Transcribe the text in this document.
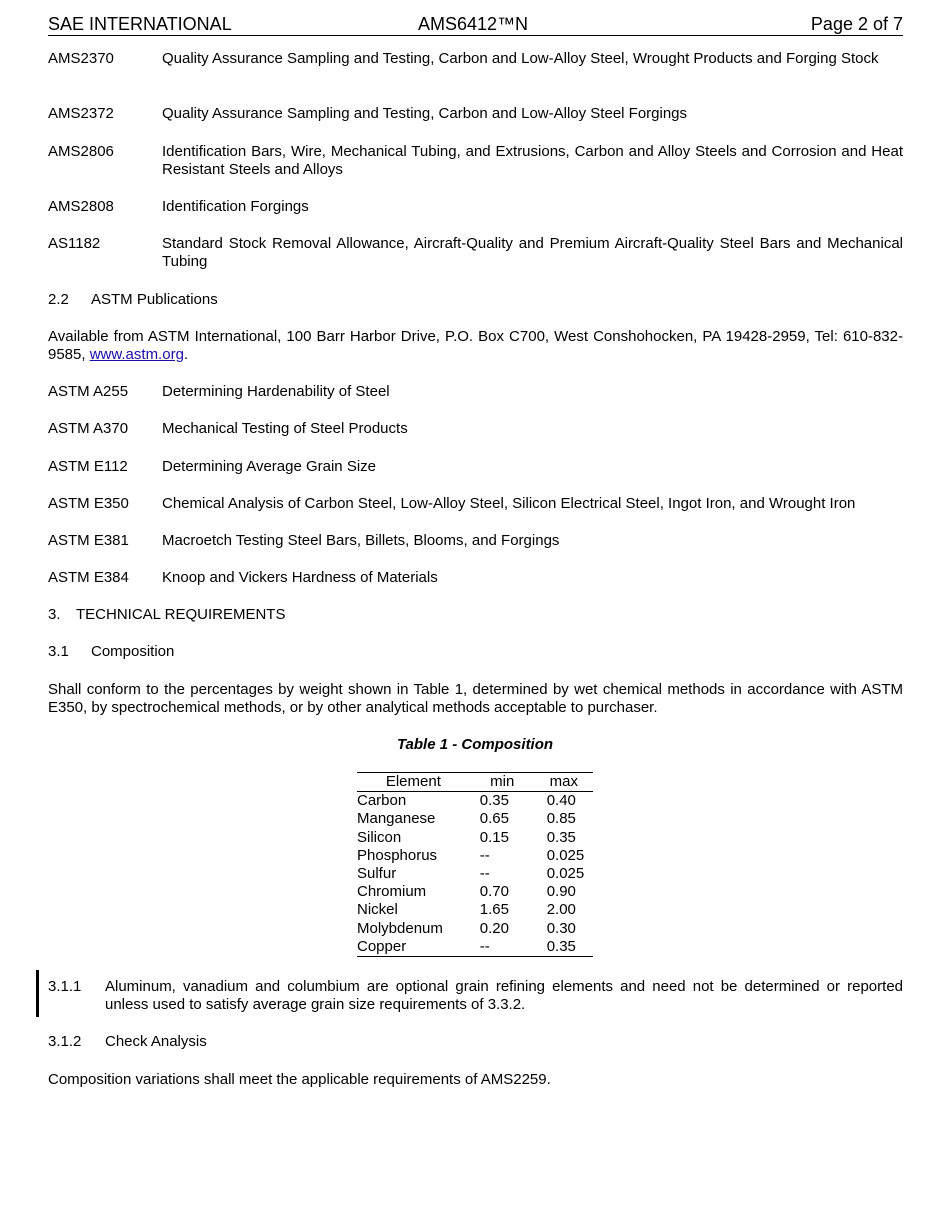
SAE INTERNATIONAL	AMS6412™N	Page 2 of 7
AMS2370	Quality Assurance Sampling and Testing, Carbon and Low-Alloy Steel, Wrought Products and Forging Stock
AMS2372	Quality Assurance Sampling and Testing, Carbon and Low-Alloy Steel Forgings
AMS2806	Identification Bars, Wire, Mechanical Tubing, and Extrusions, Carbon and Alloy Steels and Corrosion and Heat Resistant Steels and Alloys
AMS2808	Identification Forgings
AS1182	Standard Stock Removal Allowance, Aircraft-Quality and Premium Aircraft-Quality Steel Bars and Mechanical Tubing
2.2 ASTM Publications
Available from ASTM International, 100 Barr Harbor Drive, P.O. Box C700, West Conshohocken, PA 19428-2959, Tel: 610-832-9585, www.astm.org.
ASTM A255	Determining Hardenability of Steel
ASTM A370	Mechanical Testing of Steel Products
ASTM E112	Determining Average Grain Size
ASTM E350	Chemical Analysis of Carbon Steel, Low-Alloy Steel, Silicon Electrical Steel, Ingot Iron, and Wrought Iron
ASTM E381	Macroetch Testing Steel Bars, Billets, Blooms, and Forgings
ASTM E384	Knoop and Vickers Hardness of Materials
3. TECHNICAL REQUIREMENTS
3.1 Composition
Shall conform to the percentages by weight shown in Table 1, determined by wet chemical methods in accordance with ASTM E350, by spectrochemical methods, or by other analytical methods acceptable to purchaser.
Table 1 - Composition
Element	min	max
Carbon	0.35	0.40
Manganese	0.65	0.85
Silicon	0.15	0.35
Phosphorus	--	0.025
Sulfur	--	0.025
Chromium	0.70	0.90
Nickel	1.65	2.00
Molybdenum	0.20	0.30
Copper	--	0.35
3.1.1	Aluminum, vanadium and columbium are optional grain refining elements and need not be determined or reported unless used to satisfy average grain size requirements of 3.3.2.
3.1.2	Check Analysis
Composition variations shall meet the applicable requirements of AMS2259.
